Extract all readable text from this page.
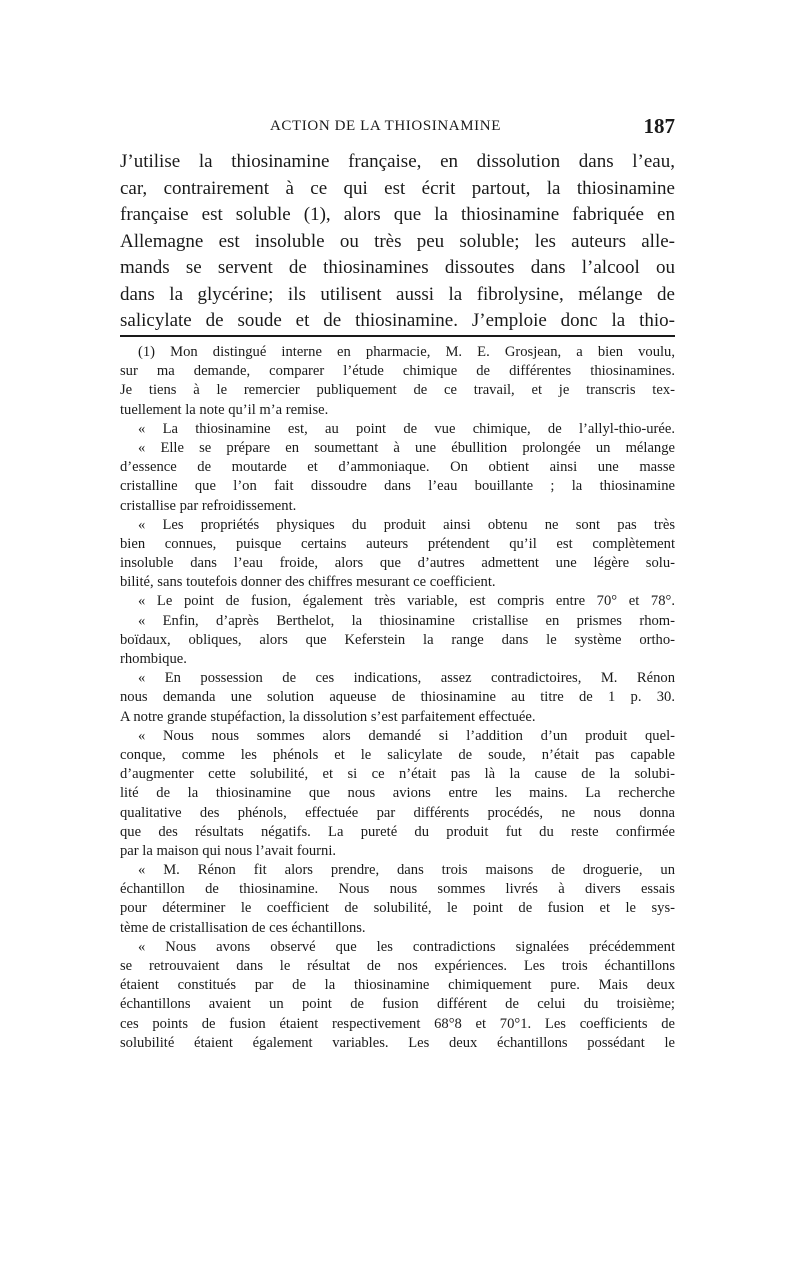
ACTION DE LA THIOSINAMINE	187
J’utilise la thiosinamine française, en dissolution dans l’eau,
car, contrairement à ce qui est écrit partout, la thiosinamine
française est soluble (1), alors que la thiosinamine fabriquée en
Allemagne est insoluble ou très peu soluble; les auteurs alle-
mands se servent de thiosinamines dissoutes dans l’alcool ou
dans la glycérine; ils utilisent aussi la fibrolysine, mélange de
salicylate de soude et de thiosinamine. J’emploie donc la thio-
(1) Mon distingué interne en pharmacie, M. E. Grosjean, a bien voulu,
sur ma demande, comparer l’étude chimique de différentes thiosinamines.
Je tiens à le remercier publiquement de ce travail, et je transcris tex-
tuellement la note qu’il m’a remise.
« La thiosinamine est, au point de vue chimique, de l’allyl-thio-urée.
« Elle se prépare en soumettant à une ébullition prolongée un mélange
d’essence de moutarde et d’ammoniaque. On obtient ainsi une masse
cristalline que l’on fait dissoudre dans l’eau bouillante ; la thiosinamine
cristallise par refroidissement.
« Les propriétés physiques du produit ainsi obtenu ne sont pas très
bien connues, puisque certains auteurs prétendent qu’il est complètement
insoluble dans l’eau froide, alors que d’autres admettent une légère solu-
bilité, sans toutefois donner des chiffres mesurant ce coefficient.
« Le point de fusion, également très variable, est compris entre 70° et 78°.
« Enfin, d’après Berthelot, la thiosinamine cristallise en prismes rhom-
boïdaux, obliques, alors que Keferstein la range dans le système ortho-
rhombique.
« En possession de ces indications, assez contradictoires, M. Rénon
nous demanda une solution aqueuse de thiosinamine au titre de 1 p. 30.
A notre grande stupéfaction, la dissolution s’est parfaitement effectuée.
« Nous nous sommes alors demandé si l’addition d’un produit quel-
conque, comme les phénols et le salicylate de soude, n’était pas capable
d’augmenter cette solubilité, et si ce n’était pas là la cause de la solubi-
lité de la thiosinamine que nous avions entre les mains. La recherche
qualitative des phénols, effectuée par différents procédés, ne nous donna
que des résultats négatifs. La pureté du produit fut du reste confirmée
par la maison qui nous l’avait fourni.
« M. Rénon fit alors prendre, dans trois maisons de droguerie, un
échantillon de thiosinamine. Nous nous sommes livrés à divers essais
pour déterminer le coefficient de solubilité, le point de fusion et le sys-
tème de cristallisation de ces échantillons.
« Nous avons observé que les contradictions signalées précédemment
se retrouvaient dans le résultat de nos expériences. Les trois échantillons
étaient constitués par de la thiosinamine chimiquement pure. Mais deux
échantillons avaient un point de fusion différent de celui du troisième;
ces points de fusion étaient respectivement 68°8 et 70°1. Les coefficients de
solubilité étaient également variables. Les deux échantillons possédant le
